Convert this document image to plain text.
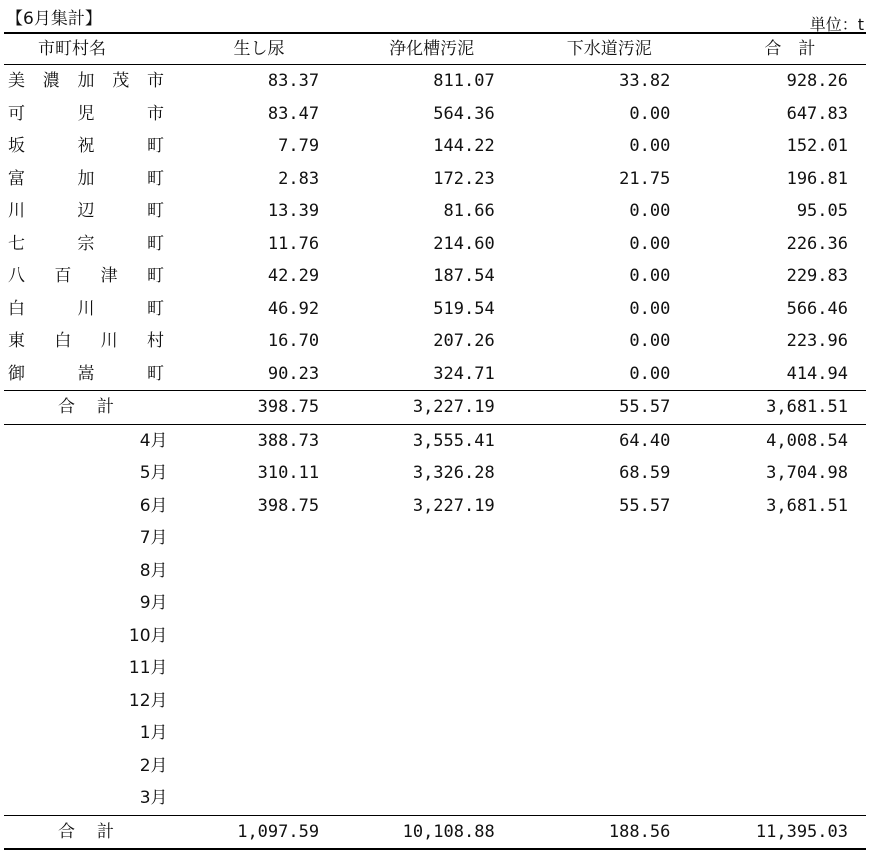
【6月集計】	単位：t
市町村名	生し尿	浄化槽汚泥	下水道汚泥	合　計

美 濃 加 茂 市	83.37	811.07	33.82	928.26

可 児 市	83.47	564.36	0.00	647.83

坂 祝 町	7.79	144.22	0.00	152.01

富 加 町	2.83	172.23	21.75	196.81

川 辺 町	13.39	81.66	0.00	95.05

七 宗 町	11.76	214.60	0.00	226.36

八 百 津 町	42.29	187.54	0.00	229.83

白 川 町	46.92	519.54	0.00	566.46

東 白 川 村	16.70	207.26	0.00	223.96

御 嵩 町	90.23	324.71	0.00	414.94
合 計	398.75	3,227.19	55.57	3,681.51
4月	388.73	3,555.41	64.40	4,008.54
5月	310.11	3,326.28	68.59	3,704.98
6月	398.75	3,227.19	55.57	3,681.51
7月				
8月				
9月				
10月				
11月				
12月				
1月				
2月				
3月				
合 計	1,097.59	10,108.88	188.56	11,395.03
